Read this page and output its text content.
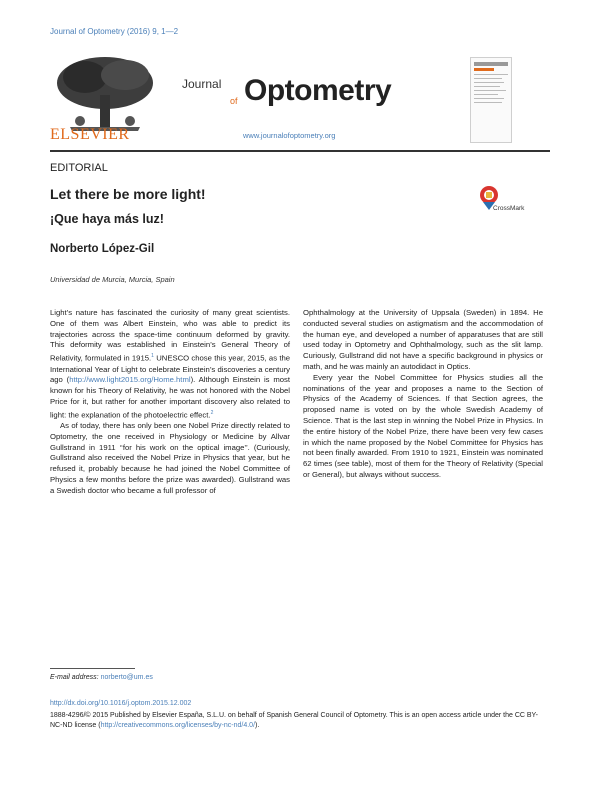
Journal of Optometry (2016) 9, 1—2
ELSEVIER
Journal
of Optometry
www.journalofoptometry.org
EDITORIAL
Let there be more light!
CrossMark
¡Que haya más luz!
Norberto López-Gil
Universidad de Murcia, Murcia, Spain

Light’s nature has fascinated the curiosity of many great scientists. One of them was Albert Einstein, who was able to predict its trajectories across the space-time continuum deformed by gravity. This deformity was established in Einstein’s General Theory of Relativity, formulated in 1915.$^1$ UNESCO chose this year, 2015, as the International Year of Light to celebrate Einstein’s discoveries a century ago (http://www.light2015.org/Home.html). Although Einstein is most known for his Theory of Relativity, he was not honored with the Nobel Price for it, but rather for another important discovery also related to light: the explanation of the photoelectric effect.$^2$

As of today, there has only been one Nobel Prize directly related to Optometry, the one received in Physiology or Medicine by Allvar Gullstrand in 1911 ‘‘for his work on the optical image’’. (Curiously, Gullstrand also received the Nobel Prize in Physics that year, but he refused it, probably because he had joined the Nobel Committee of Physics a few months before the prize was awarded). Gullstrand was a Swedish doctor who became a full professor of

Ophthalmology at the University of Uppsala (Sweden) in 1894. He conducted several studies on astigmatism and the accommodation of the human eye, and developed a number of apparatuses that are still used today in Optometry and Ophthalmology, such as the slit lamp. Curiously, Gullstrand did not have a specific background in physics or math, and he was mainly an autodidact in Optics.

Every year the Nobel Committee for Physics studies all the nominations of the year and proposes a name to the Section of Physics of the Academy of Sciences. If that Section agrees, the proposed name is voted on by the whole Swedish Academy of Science. That is the last step in winning the Nobel Prize in Physics. In the entire history of the Nobel Prize, there have been very few cases in which the name proposed by the Nobel Committee for Physics has not been finally awarded. From 1910 to 1921, Einstein was nominated 62 times (see table), most of them for the Theory of Relativity (Special or General), but always without success.

E-mail address: norberto@um.es
http://dx.doi.org/10.1016/j.optom.2015.12.002
1888-4296/© 2015 Published by Elsevier España, S.L.U. on behalf of Spanish General Council of Optometry. This is an open access article under the CC BY-NC-ND license (http://creativecommons.org/licenses/by-nc-nd/4.0/).
